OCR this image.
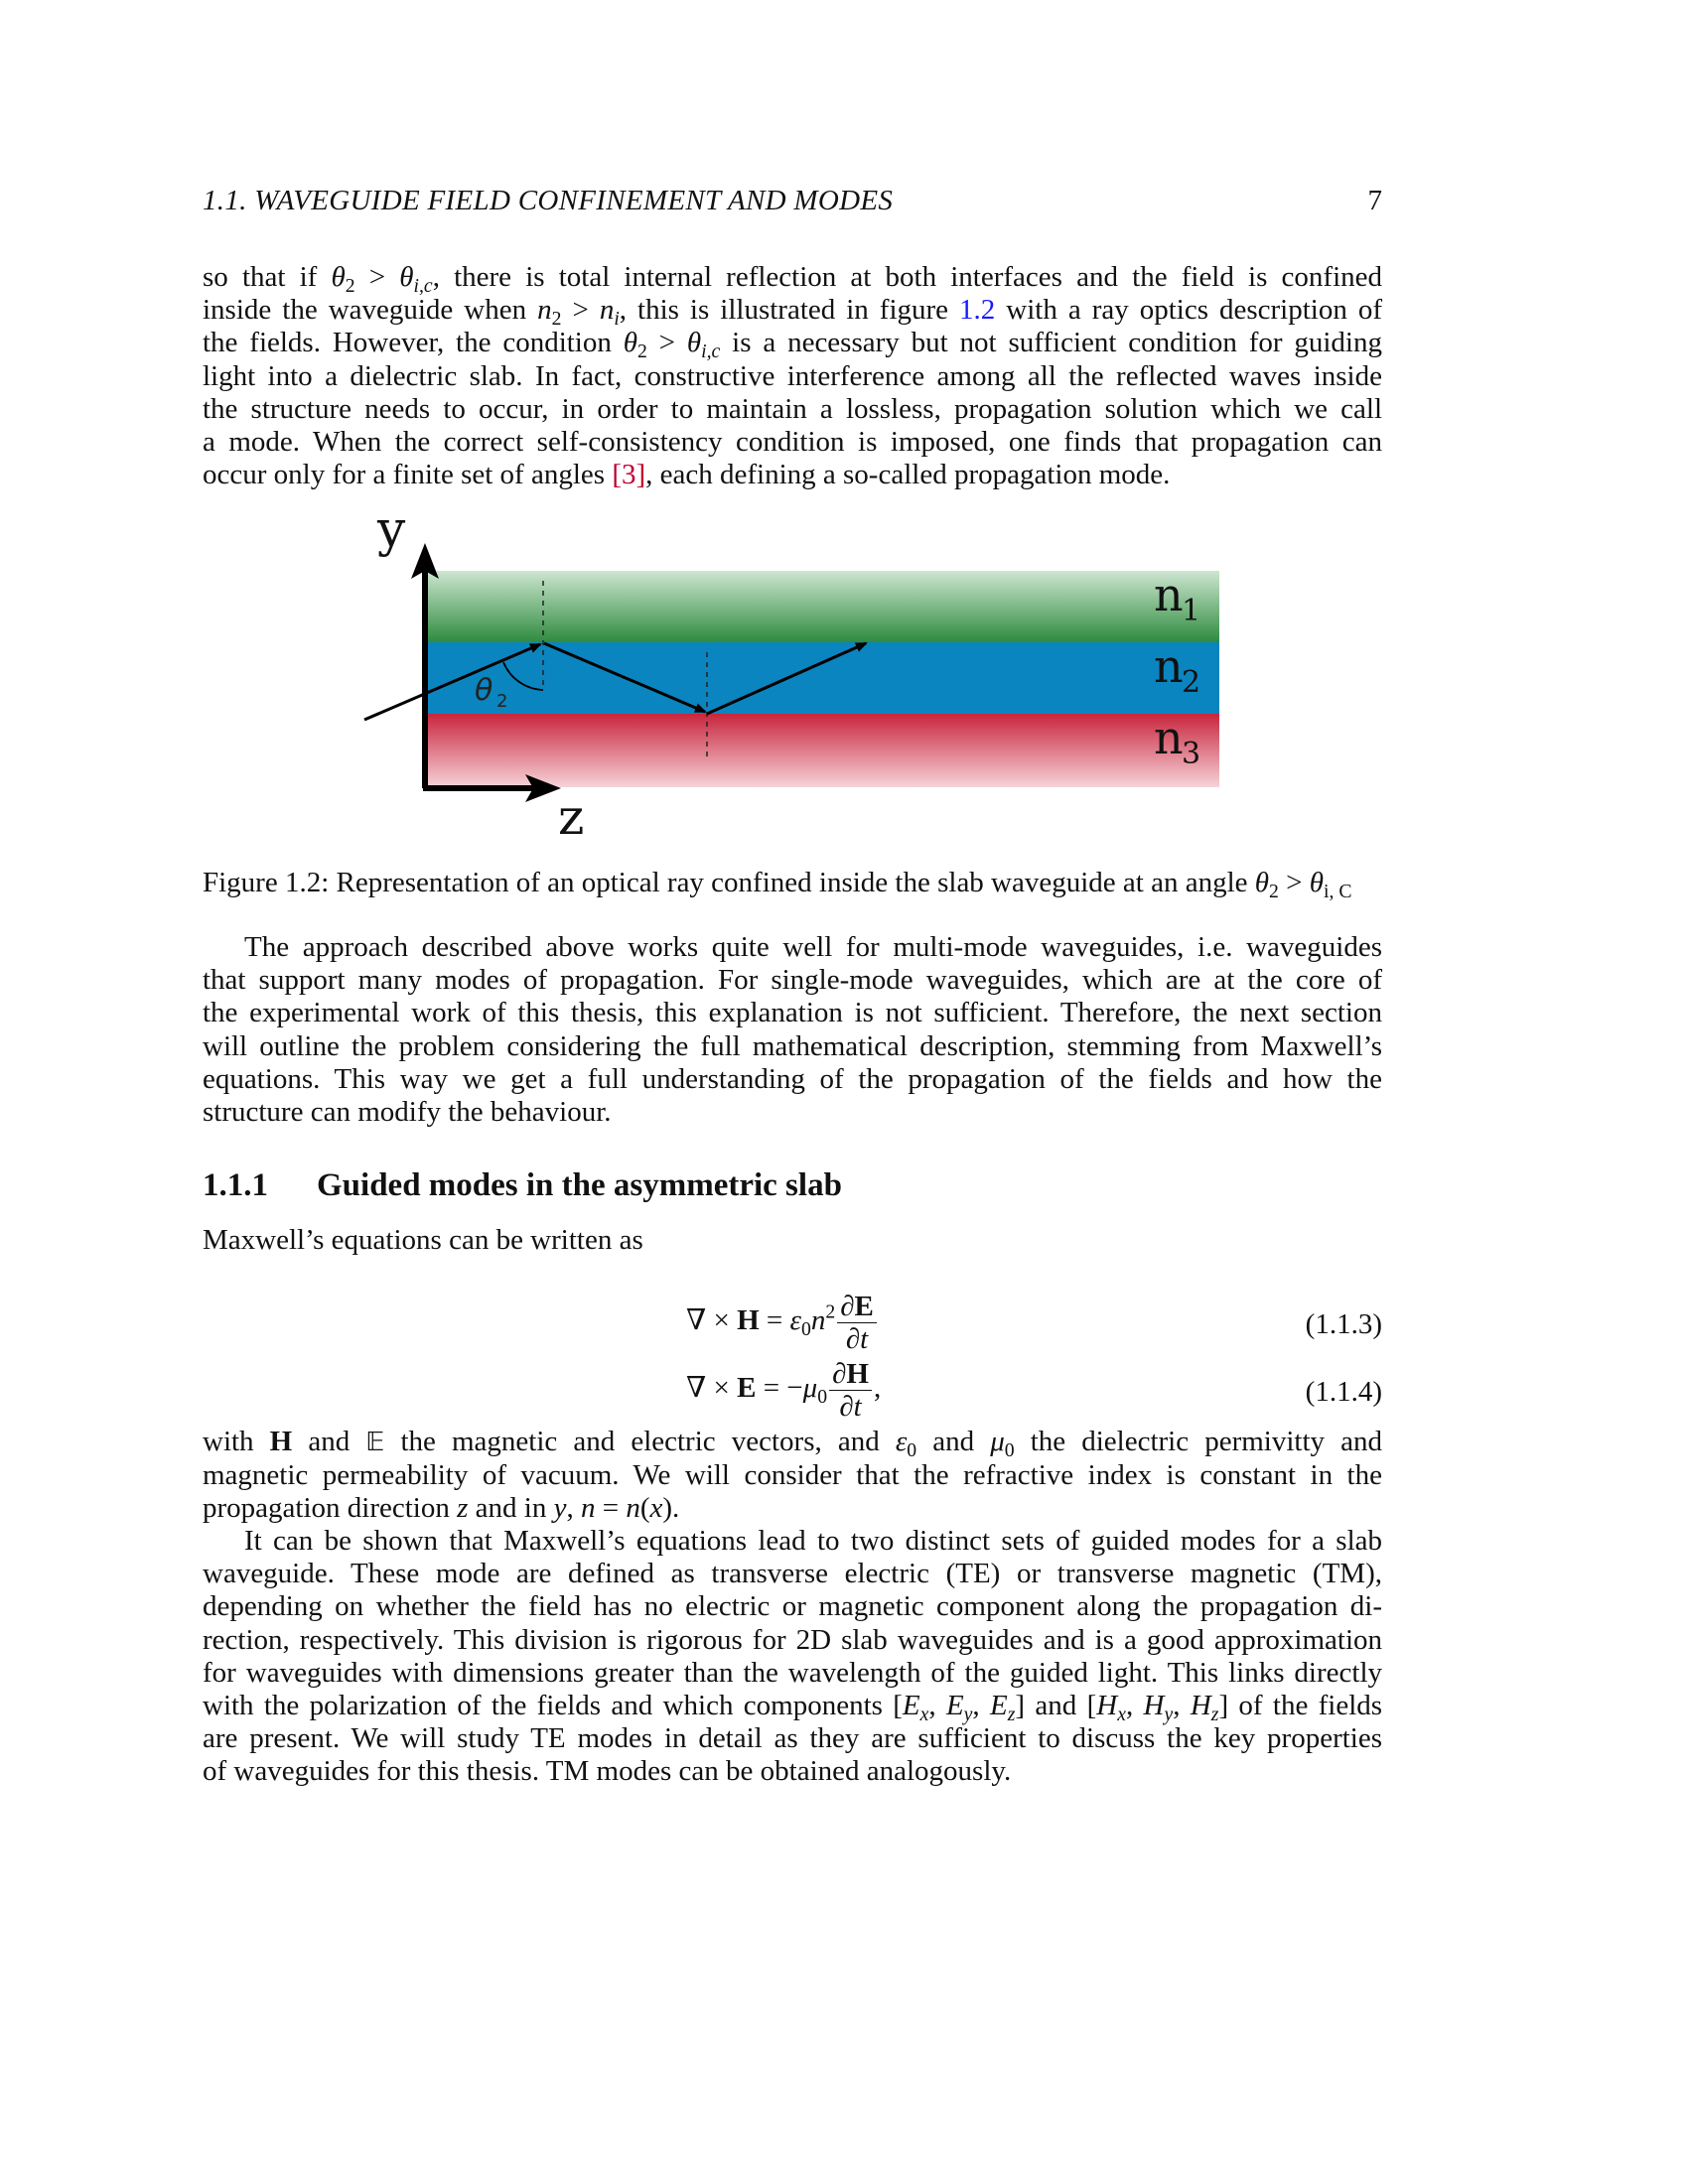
1.1. WAVEGUIDE FIELD CONFINEMENT AND MODES	7

so that if $\theta_2 > \theta_{i,c}$, there is total internal reflection at both interfaces and the field is confined
inside the waveguide when $n_2 > n_i$, this is illustrated in figure 1.2 with a ray optics description of
the fields. However, the condition $\theta_2 > \theta_{i,c}$ is a necessary but not sufficient condition for guiding
light into a dielectric slab. In fact, constructive interference among all the reflected waves inside
the structure needs to occur, in order to maintain a lossless, propagation solution which we call
a mode. When the correct self-consistency condition is imposed, one finds that propagation can
occur only for a finite set of angles [3], each defining a so-called propagation mode.

θ 2
y
z
n
1
n
2
n
3
Figure 1.2: Representation of an optical ray confined inside the slab waveguide at an angle $\theta_2 > \theta_{i, C}$

The approach described above works quite well for multi-mode waveguides, i.e. waveguides
that support many modes of propagation. For single-mode waveguides, which are at the core of
the experimental work of this thesis, this explanation is not sufficient. Therefore, the next section
will outline the problem considering the full mathematical description, stemming from Maxwell’s
equations. This way we get a full understanding of the propagation of the fields and how the
structure can modify the behaviour.

1.1.1 Guided modes in the asymmetric slab
Maxwell’s equations can be written as
∇ × $H = \varepsilon_0n^2 \frac{\partial E}{\partial t}$	(1.1.3)
∇ × $E = -\mu_0 \frac{\partial H}{\partial t}$ ,	(1.1.4)

with H and 𝔼 the magnetic and electric vectors, and $\varepsilon_0$ and $\mu_0$ the dielectric permivitty and
magnetic permeability of vacuum. We will consider that the refractive index is constant in the
propagation direction z and in y, n = n(x).

It can be shown that Maxwell’s equations lead to two distinct sets of guided modes for a slab
waveguide. These mode are defined as transverse electric (TE) or transverse magnetic (TM),
depending on whether the field has no electric or magnetic component along the propagation di-
rection, respectively. This division is rigorous for 2D slab waveguides and is a good approximation
for waveguides with dimensions greater than the wavelength of the guided light. This links directly
with the polarization of the fields and which components [$E_x$, $E_y$, $E_z$] and [$H_x$, $H_y$, $H_z$] of the fields
are present. We will study TE modes in detail as they are sufficient to discuss the key properties
of waveguides for this thesis. TM modes can be obtained analogously.
